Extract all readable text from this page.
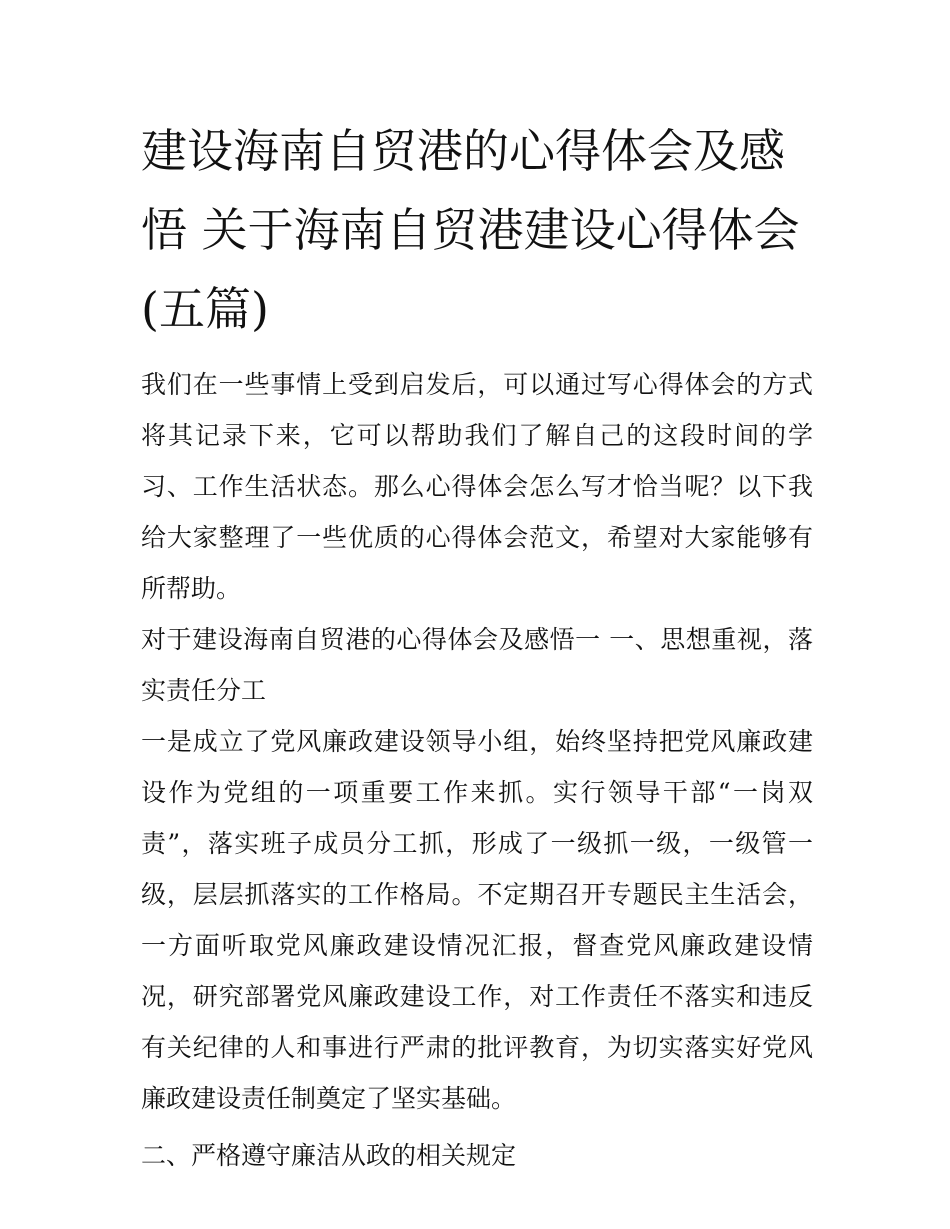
建设海南自贸港的心得体会及感悟 关于海南自贸港建设心得体会(五篇)

我们在一些事情上受到启发后，可以通过写心得体会的方式将其记录下来，它可以帮助我们了解自己的这段时间的学习、工作生活状态。那么心得体会怎么写才恰当呢？以下我给大家整理了一些优质的心得体会范文，希望对大家能够有所帮助。

对于建设海南自贸港的心得体会及感悟一 一、思想重视，落实责任分工

一是成立了党风廉政建设领导小组，始终坚持把党风廉政建设作为党组的一项重要工作来抓。实行领导干部“一岗双责”，落实班子成员分工抓，形成了一级抓一级，一级管一级，层层抓落实的工作格局。不定期召开专题民主生活会，一方面听取党风廉政建设情况汇报，督查党风廉政建设情况，研究部署党风廉政建设工作，对工作责任不落实和违反有关纪律的人和事进行严肃的批评教育，为切实落实好党风廉政建设责任制奠定了坚实基础。

二、严格遵守廉洁从政的相关规定
